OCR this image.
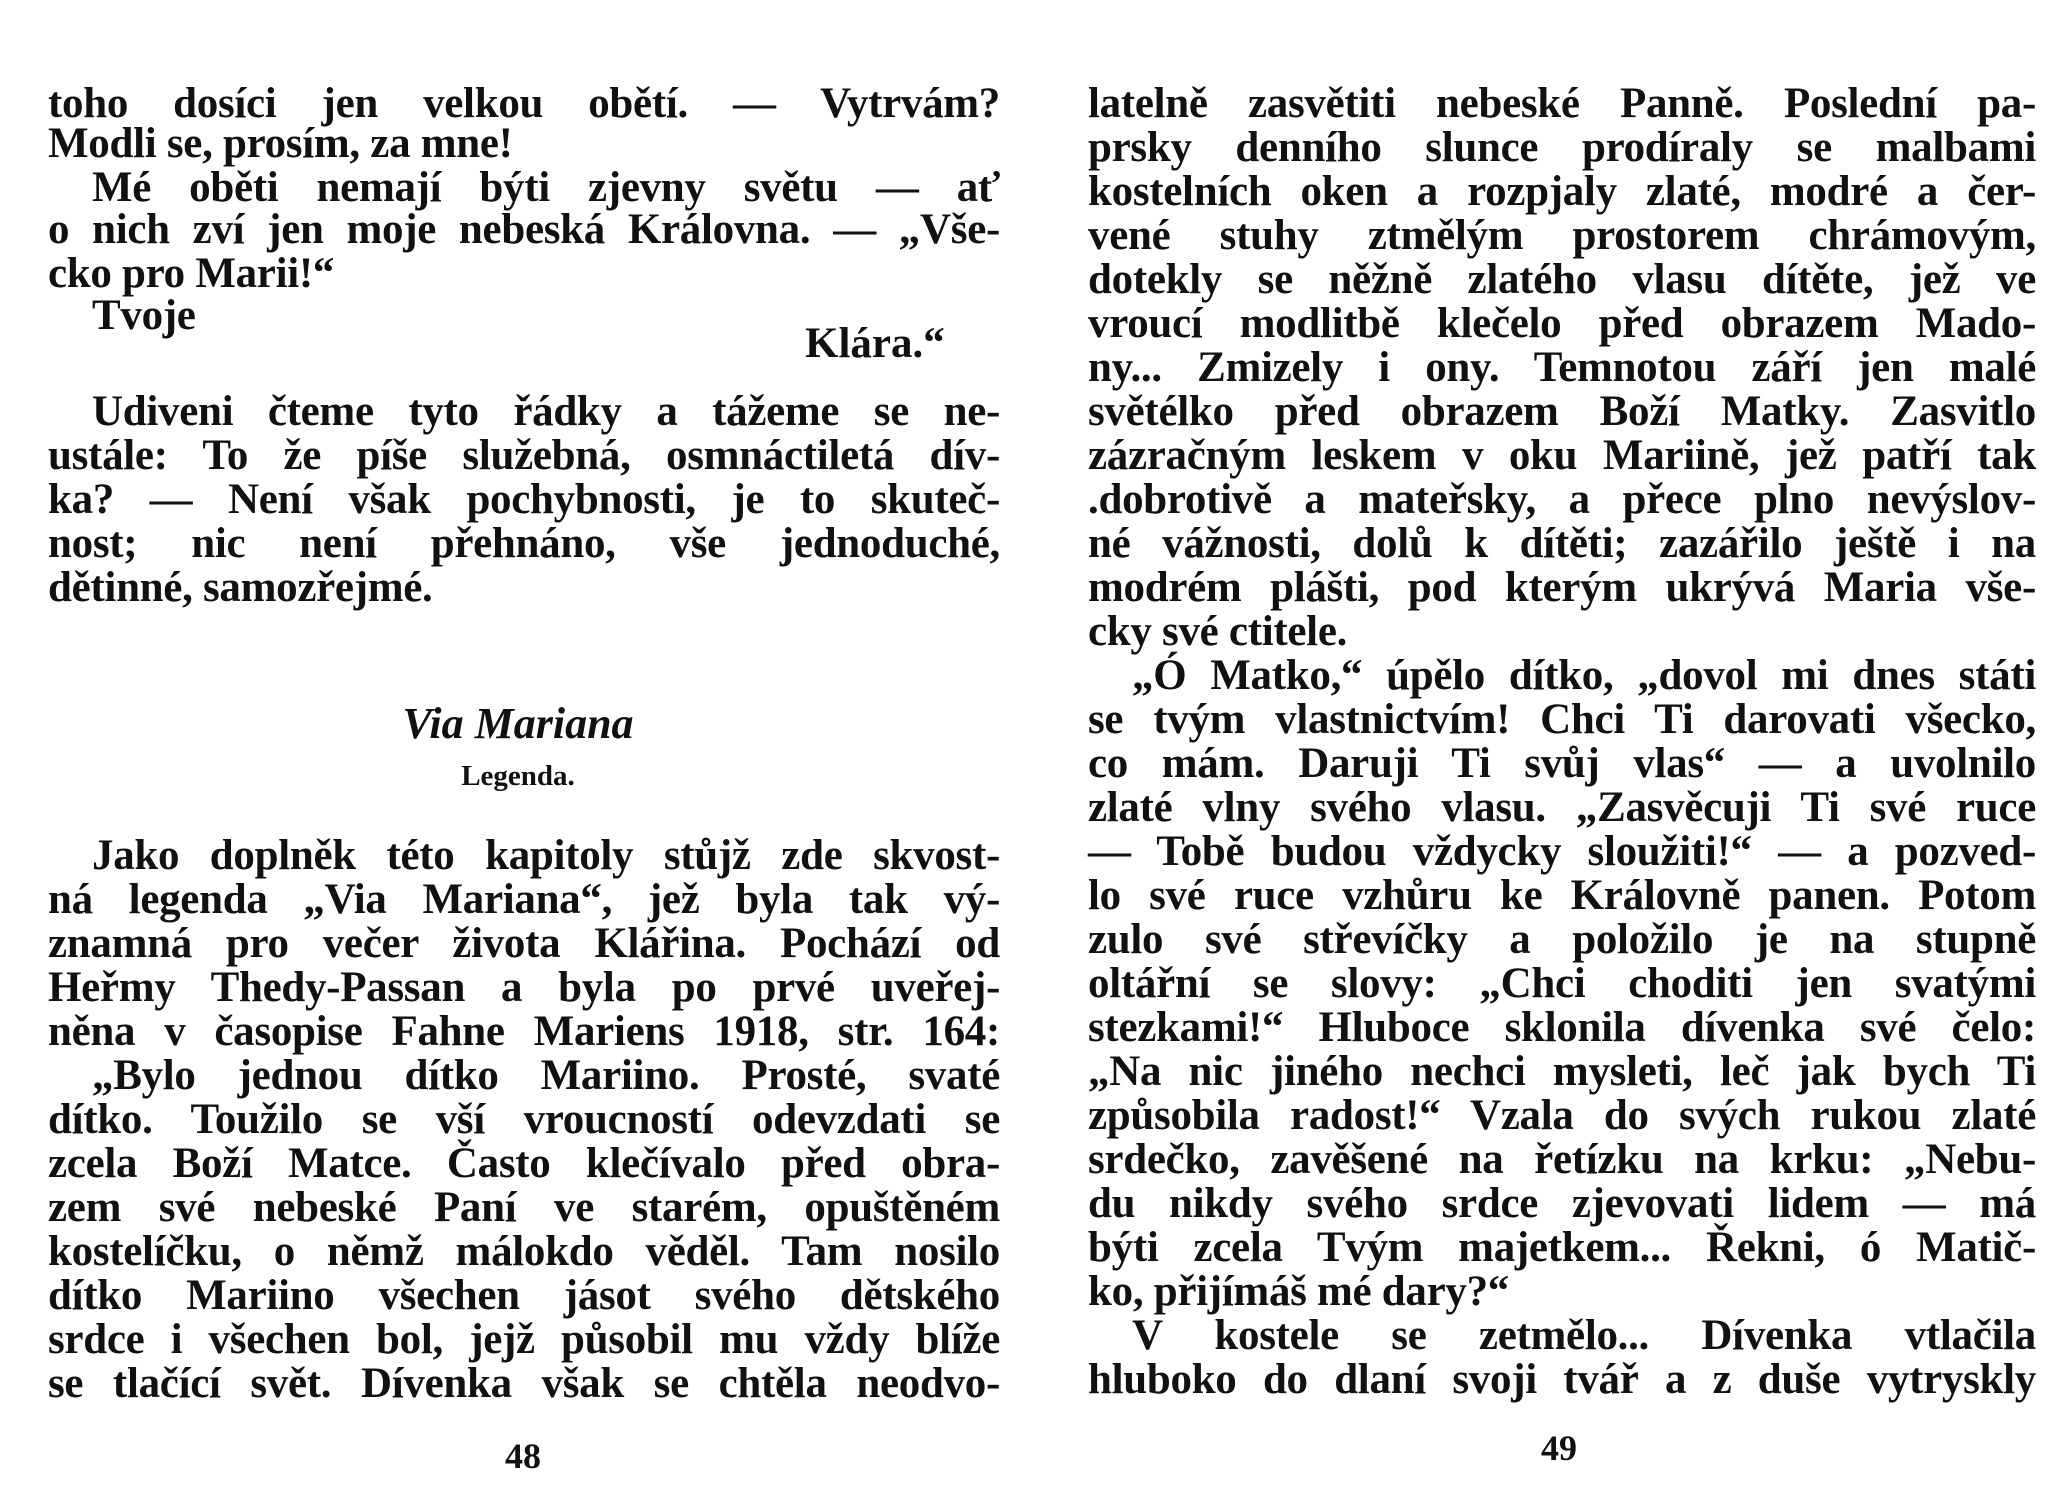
toho dosíci jen velkou obětí. — Vytrvám?
Modli se, prosím, za mne!
Mé oběti nemají býti zjevny světu — ať
o nich zví jen moje nebeská Královna. — „Vše-
cko pro Marii!“
Tvoje
Klára.“
Udiveni čteme tyto řádky a tážeme se ne-
ustále: To že píše služebná, osmnáctiletá dív-
ka? — Není však pochybnosti, je to skuteč-
nost; nic není přehnáno, vše jednoduché,
dětinné, samozřejmé.
Via Mariana
Legenda.
Jako doplněk této kapitoly stůjž zde skvost-
ná legenda „Via Mariana“, jež byla tak vý-
znamná pro večer života Klářina. Pochází od
Heřmy Thedy-Passan a byla po prvé uveřej-
něna v časopise Fahne Mariens 1918, str. 164:
„Bylo jednou dítko Mariino. Prosté, svaté
dítko. Toužilo se vší vroucností odevzdati se
zcela Boží Matce. Často klečívalo před obra-
zem své nebeské Paní ve starém, opuštěném
kostelíčku, o němž málokdo věděl. Tam nosilo
dítko Mariino všechen jásot svého dětského
srdce i všechen bol, jejž působil mu vždy blíže
se tlačící svět. Dívenka však se chtěla neodvo-
48
latelně zasvětiti nebeské Panně. Poslední pa-
prsky denního slunce prodíraly se malbami
kostelních oken a rozpjaly zlaté, modré a čer-
vené stuhy ztmělým prostorem chrámovým,
dotekly se něžně zlatého vlasu dítěte, jež ve
vroucí modlitbě klečelo před obrazem Mado-
ny... Zmizely i ony. Temnotou září jen malé
světélko před obrazem Boží Matky. Zasvitlo
zázračným leskem v oku Mariině, jež patří tak
.dobrotivě a mateřsky, a přece plno nevýslov-
né vážnosti, dolů k dítěti; zazářilo ještě i na
modrém plášti, pod kterým ukrývá Maria vše-
cky své ctitele.
„Ó Matko,“ úpělo dítko, „dovol mi dnes státi
se tvým vlastnictvím! Chci Ti darovati všecko,
co mám. Daruji Ti svůj vlas“ — a uvolnilo
zlaté vlny svého vlasu. „Zasvěcuji Ti své ruce
— Tobě budou vždycky sloužiti!“ — a pozved-
lo své ruce vzhůru ke Královně panen. Potom
zulo své střevíčky a položilo je na stupně
oltářní se slovy: „Chci choditi jen svatými
stezkami!“ Hluboce sklonila dívenka své čelo:
„Na nic jiného nechci mysleti, leč jak bych Ti
způsobila radost!“ Vzala do svých rukou zlaté
srdečko, zavěšené na řetízku na krku: „Nebu-
du nikdy svého srdce zjevovati lidem — má
býti zcela Tvým majetkem... Řekni, ó Matič-
ko, přijímáš mé dary?“
V kostele se zetmělo... Dívenka vtlačila
hluboko do dlaní svoji tvář a z duše vytryskly
49
